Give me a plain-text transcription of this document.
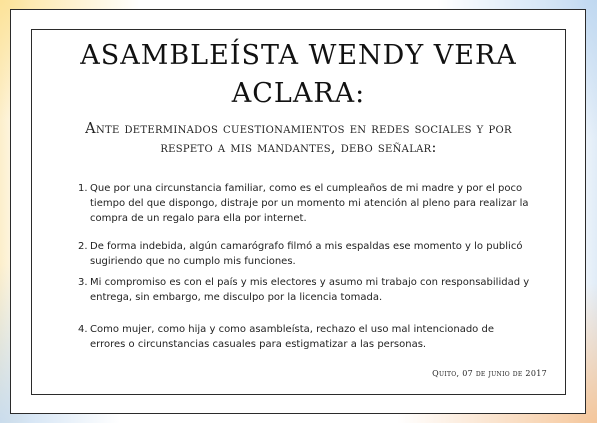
ASAMBLEÍSTA WENDY VERA
ACLARA:
Ante determinados cuestionamientos en redes sociales y por respeto a mis mandantes, debo señalar:
1. Que por una circunstancia familiar, como es el cumpleaños de mi madre y por el poco tiempo del que dispongo, distraje por un momento mi atención al pleno para realizar la compra de un regalo para ella por internet.
2. De forma indebida, algún camarógrafo filmó a mis espaldas ese momento y lo publicó sugiriendo que no cumplo mis funciones.
3. Mi compromiso es con el país y mis electores y asumo mi trabajo con responsabilidad y entrega, sin embargo, me disculpo por la licencia tomada.
4. Como mujer, como hija y como asambleísta, rechazo el uso mal intencionado de errores o circunstancias casuales para estigmatizar a las personas.
Quito, 07 de junio de 2017
